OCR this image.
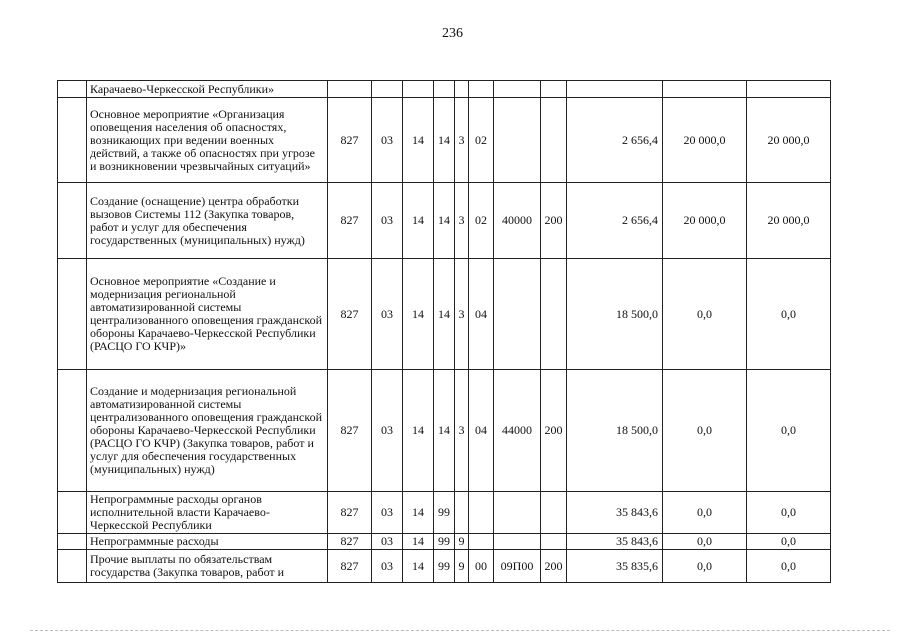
236
	Карачаево-Черкесской Республики»											
	Основное мероприятие «Организация оповещения населения об опасностях, возникающих при ведении военных действий, а также об опасностях при угрозе и возникновении чрезвычайных ситуаций»	827	03	14	14	3	02			2 656,4	20 000,0	20 000,0
	Создание (оснащение) центра обработки вызовов Системы 112 (Закупка товаров, работ и услуг для обеспечения государственных (муниципальных) нужд)	827	03	14	14	3	02	40000	200	2 656,4	20 000,0	20 000,0
	Основное мероприятие «Создание и модернизация региональной автоматизированной системы централизованного оповещения гражданской обороны Карачаево-Черкесской Республики (РАСЦО ГО КЧР)»	827	03	14	14	3	04			18 500,0	0,0	0,0
	Создание и модернизация региональной автоматизированной системы централизованного оповещения гражданской обороны Карачаево-Черкесской Республики (РАСЦО ГО КЧР) (Закупка товаров, работ и услуг для обеспечения государственных (муниципальных) нужд)	827	03	14	14	3	04	44000	200	18 500,0	0,0	0,0
	Непрограммные расходы органов исполнительной власти Карачаево-Черкесской Республики	827	03	14	99					35 843,6	0,0	0,0
	Непрограммные расходы	827	03	14	99	9				35 843,6	0,0	0,0
	Прочие выплаты по обязательствам государства (Закупка товаров, работ и	827	03	14	99	9	00	09П00	200	35 835,6	0,0	0,0
